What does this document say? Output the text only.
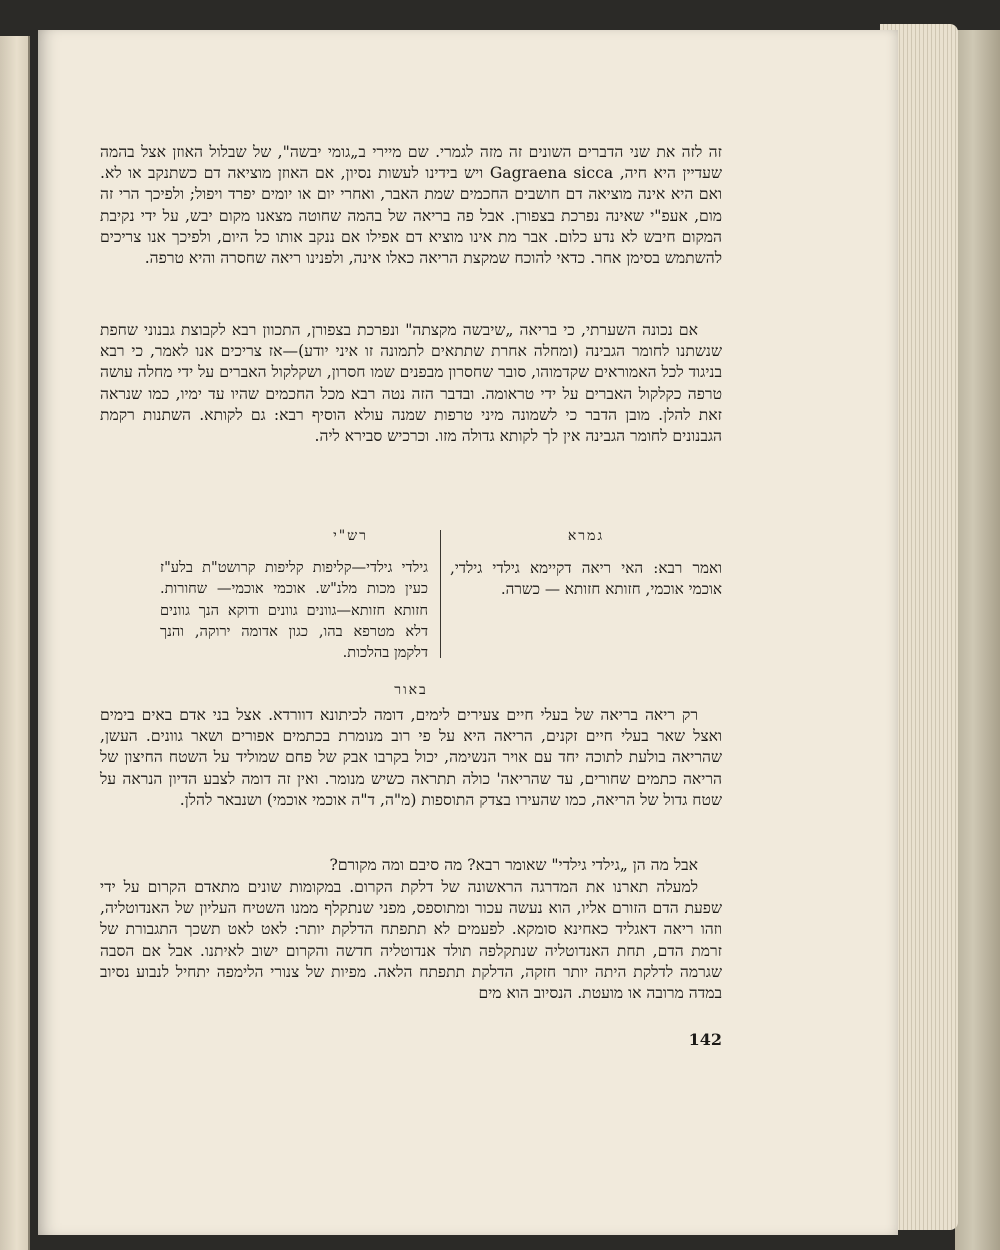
זה לזה את שני הדברים השונים זה מזה לגמרי. שם מיירי ב„גומי יבשה", של שבלול האוזן אצל בהמה שעדיין היא חיה, Gagraena sicca ויש בידינו לעשות נסיון, אם האוזן מוציאה דם כשתנקב או לא. ואם היא אינה מוציאה דם חושבים החכמים שמת האבר, ואחרי יום או יומים יפרד ויפול; ולפיכך הרי זה מום, אעפ"י שאינה נפרכת בצפורן. אבל פה בריאה של בהמה שחוטה מצאנו מקום יבש, על ידי נקיבת המקום חיבש לא נדע כלום. אבר מת אינו מוציא דם אפילו אם ננקב אותו כל היום, ולפיכך אנו צריכים להשתמש בסימן אחר. כדאי להוכח שמקצת הריאה כאלו אינה, ולפנינו ריאה שחסרה והיא טרפה.

אם נכונה השערתי, כי בריאה „שיבשה מקצתה" ונפרכת בצפורן, התכוון רבא לקבוצת גבנוני שחפת שנשתנו לחומר הגבינה (ומחלה אחרת שתתאים לתמונה זו איני יודע)—אז צריכים אנו לאמר, כי רבא בניגוד לכל האמוראים שקדמוהו, סובר שחסרון מבפנים שמו חסרון, ושקלקול האברים על ידי מחלה עושה טרפה כקלקול האברים על ידי טראומה. ובדבר הזה נטה רבא מכל החכמים שהיו עד ימיו, כמו שנראה זאת להלן. מובן הדבר כי לשמונה מיני טרפות שמנה עולא הוסיף רבא: גם לקותא. השתנות רקמת הגבנונים לחומר הגבינה אין לך לקותא גדולה מזו. וכרכיש סבירא ליה.

גמרא

ואמר רבא: האי ריאה דקיימא גילדי גילדי, אוכמי אוכמי, חזותא חזותא — כשרה.

רש"י

גילדי גילדי—קליפות קליפות קרושט"ת בלע"ז כעין מכות מלנ"ש. אוכמי אוכמי— שחורות. חזותא חזותא—גוונים גוונים ודוקא הנך גוונים דלא מטרפא בהו, כגון אדומה ירוקה, והנך דלקמן בהלכות.

באור

רק ריאה בריאה של בעלי חיים צעירים לימים, דומה לכיתונא דוורדא. אצל בני אדם באים בימים ואצל שאר בעלי חיים זקנים, הריאה היא על פי רוב מנומרת בכתמים אפורים ושאר גוונים. העשן, שהריאה בולעת לתוכה יחד עם אויר הנשימה, יכול בקרבו אבק של פחם שמוליד על השטח החיצון של הריאה כתמים שחורים, עד שהריאה' כולה תתראה כשיש מנומר. ואין זה דומה לצבע הדיון הנראה על שטח גדול של הריאה, כמו שהעירו בצדק התוספות (מ"ה, ד"ה אוכמי אוכמי) ושנבאר להלן.

אבל מה הן „גילדי גילדי" שאומר רבא? מה סיבם ומה מקורם?

למעלה תארנו את המדרגה הראשונה של דלקת הקרום. במקומות שונים מתאדם הקרום על ידי שפעת הדם הזורם אליו, הוא נעשה עכור ומתוספס, מפני שנתקלף ממנו השטיח העליון של האנדוטליה, וזהו ריאה דאגליד כאחינא סומקא. לפעמים לא תתפתח הדלקת יותר: לאט לאט תשכך התגבורת של זרמת הדם, תחת האנדוטליה שנתקלפה תולד אנדוטליה חדשה והקרום ישוב לאיתנו. אבל אם הסבה שגרמה לדלקת היתה יותר חזקה, הדלקת תתפתח הלאה. מפיות של צנורי הלימפה יתחיל לנבוע נסיוב במדה מרובה או מועטת. הנסיוב הוא מים

142
